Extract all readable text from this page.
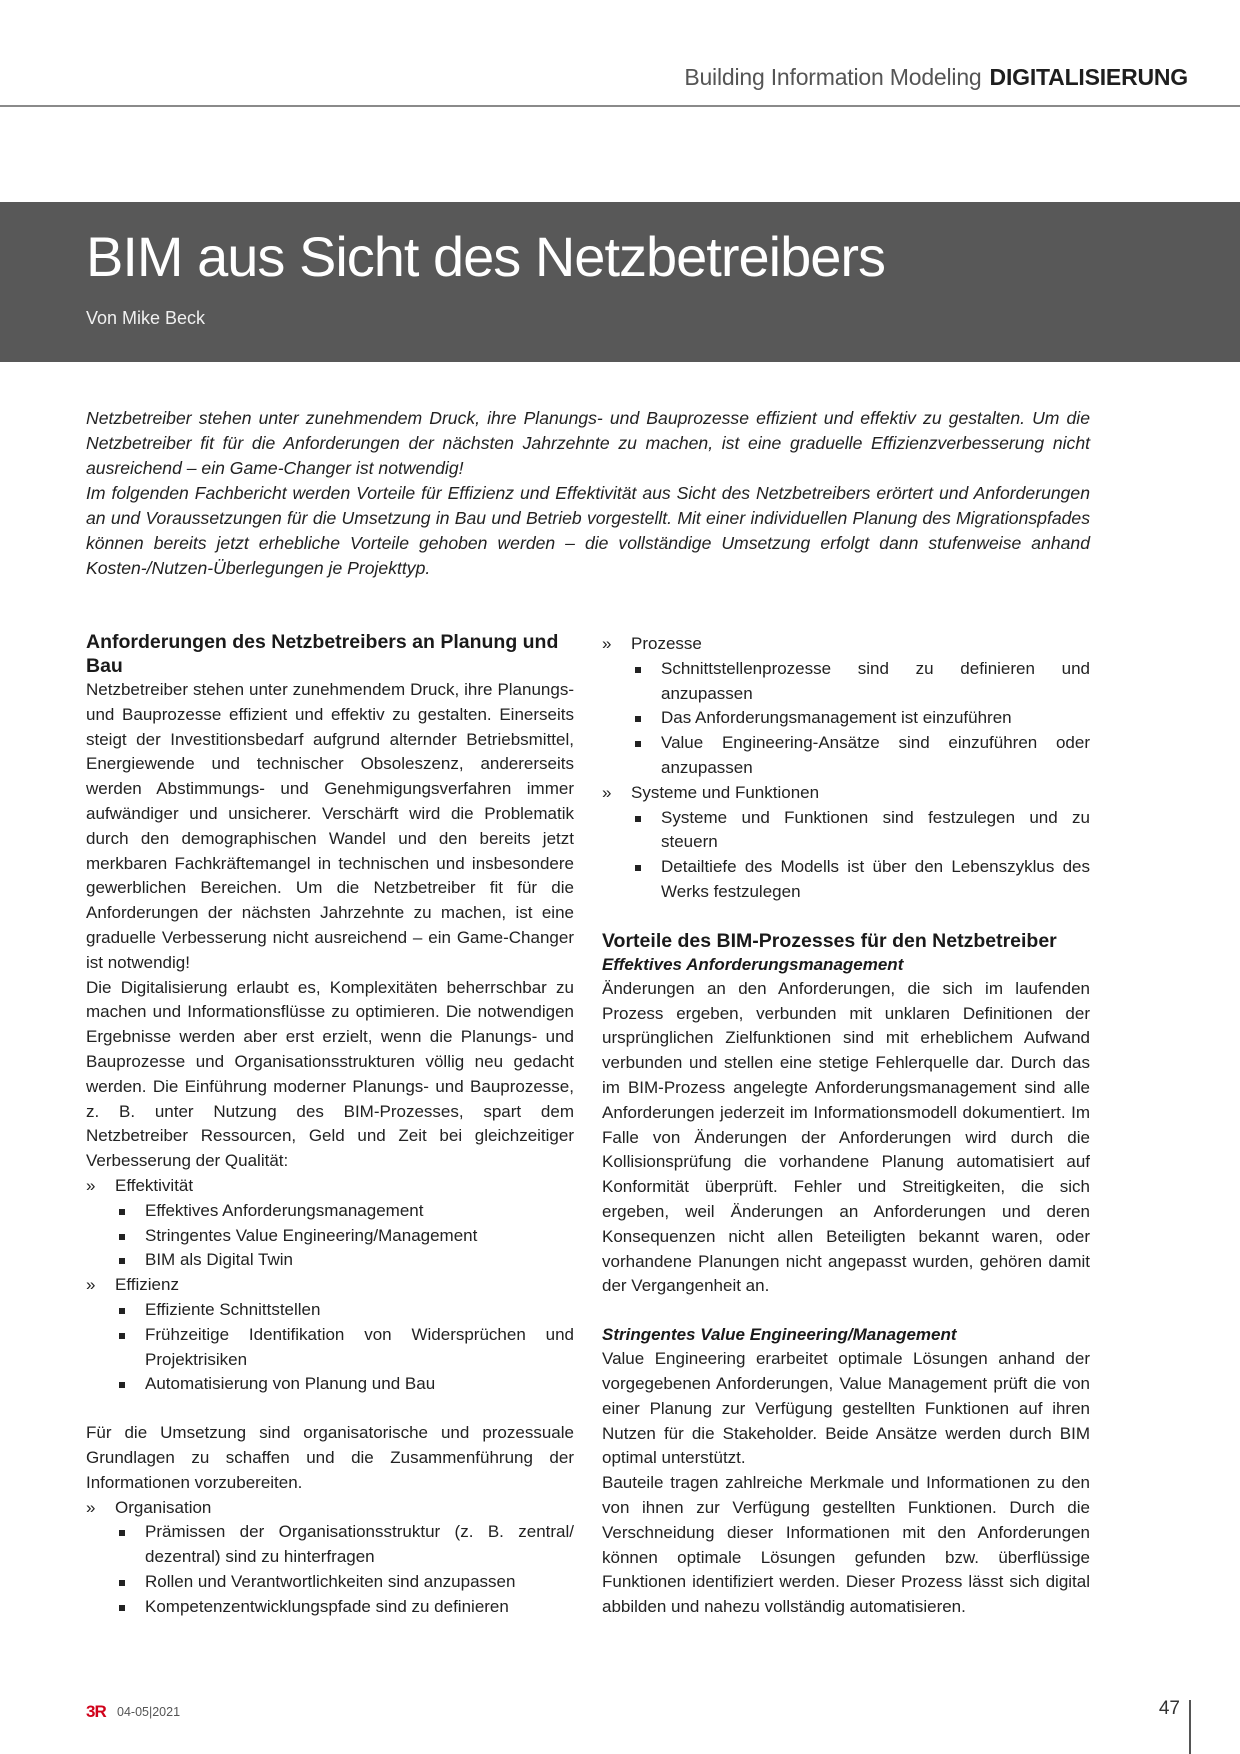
Building Information Modeling DIGITALISIERUNG
BIM aus Sicht des Netzbetreibers
Von Mike Beck

Netzbetreiber stehen unter zunehmendem Druck, ihre Planungs- und Bauprozesse effizient und effektiv zu gestalten. Um die Netzbetreiber fit für die Anforderungen der nächsten Jahrzehnte zu machen, ist eine graduelle Effizienzverbesserung nicht ausreichend – ein Game-Changer ist notwendig!

Im folgenden Fachbericht werden Vorteile für Effizienz und Effektivität aus Sicht des Netzbetreibers erörtert und Anforderungen an und Voraussetzungen für die Umsetzung in Bau und Betrieb vorgestellt. Mit einer individuellen Planung des Migrationspfades können bereits jetzt erhebliche Vorteile gehoben werden – die vollständige Umsetzung erfolgt dann stufenweise anhand Kosten-/Nutzen-Überlegungen je Projekttyp.

Anforderungen des Netzbetreibers an Planung und Bau

Netzbetreiber stehen unter zunehmendem Druck, ihre Planungs- und Bauprozesse effizient und effektiv zu gestalten. Einerseits steigt der Investitionsbedarf aufgrund alternder Betriebsmittel, Energiewende und technischer Obsoleszenz, andererseits werden Abstimmungs- und Genehmigungsverfahren immer aufwändiger und unsicherer. Verschärft wird die Problematik durch den demographischen Wandel und den bereits jetzt merkbaren Fachkräftemangel in technischen und insbesondere gewerblichen Bereichen. Um die Netzbetreiber fit für die Anforderungen der nächsten Jahrzehnte zu machen, ist eine graduelle Verbesserung nicht ausreichend – ein Game-Changer ist notwendig!

Die Digitalisierung erlaubt es, Komplexitäten beherrschbar zu machen und Informationsflüsse zu optimieren. Die notwendigen Ergebnisse werden aber erst erzielt, wenn die Planungs- und Bauprozesse und Organisationsstrukturen völlig neu gedacht werden. Die Einführung moderner Planungs- und Bauprozesse, z. B. unter Nutzung des BIM-Prozesses, spart dem Netzbetreiber Ressourcen, Geld und Zeit bei gleichzeitiger Verbesserung der Qualität:

» Effektivität
Effektives Anforderungsmanagement
Stringentes Value Engineering/Management
BIM als Digital Twin
» Effizienz
Effiziente Schnittstellen
Frühzeitige Identifikation von Widersprüchen und Projektrisiken
Automatisierung von Planung und Bau

Für die Umsetzung sind organisatorische und prozessuale Grundlagen zu schaffen und die Zusammenführung der Informationen vorzubereiten.

» Organisation
Prämissen der Organisationsstruktur (z. B. zentral/ dezentral) sind zu hinterfragen
Rollen und Verantwortlichkeiten sind anzupassen
Kompetenzentwicklungspfade sind zu definieren
» Prozesse
Schnittstellenprozesse sind zu definieren und anzupassen
Das Anforderungsmanagement ist einzuführen
Value Engineering-Ansätze sind einzuführen oder anzupassen
» Systeme und Funktionen
Systeme und Funktionen sind festzulegen und zu steuern
Detailtiefe des Modells ist über den Lebenszyklus des Werks festzulegen
Vorteile des BIM-Prozesses für den Netzbetreiber
Effektives Anforderungsmanagement

Änderungen an den Anforderungen, die sich im laufenden Prozess ergeben, verbunden mit unklaren Definitionen der ursprünglichen Zielfunktionen sind mit erheblichem Aufwand verbunden und stellen eine stetige Fehlerquelle dar. Durch das im BIM-Prozess angelegte Anforderungsmanagement sind alle Anforderungen jederzeit im Informationsmodell dokumentiert. Im Falle von Änderungen der Anforderungen wird durch die Kollisionsprüfung die vorhandene Planung automatisiert auf Konformität überprüft. Fehler und Streitigkeiten, die sich ergeben, weil Änderungen an Anforderungen und deren Konsequenzen nicht allen Beteiligten bekannt waren, oder vorhandene Planungen nicht angepasst wurden, gehören damit der Vergangenheit an.

Stringentes Value Engineering/Management

Value Engineering erarbeitet optimale Lösungen anhand der vorgegebenen Anforderungen, Value Management prüft die von einer Planung zur Verfügung gestellten Funktionen auf ihren Nutzen für die Stakeholder. Beide Ansätze werden durch BIM optimal unterstützt.

Bauteile tragen zahlreiche Merkmale und Informationen zu den von ihnen zur Verfügung gestellten Funktionen. Durch die Verschneidung dieser Informationen mit den Anforderungen können optimale Lösungen gefunden bzw. überflüssige Funktionen identifiziert werden. Dieser Prozess lässt sich digital abbilden und nahezu vollständig automatisieren.

3R 04-05|2021	47
